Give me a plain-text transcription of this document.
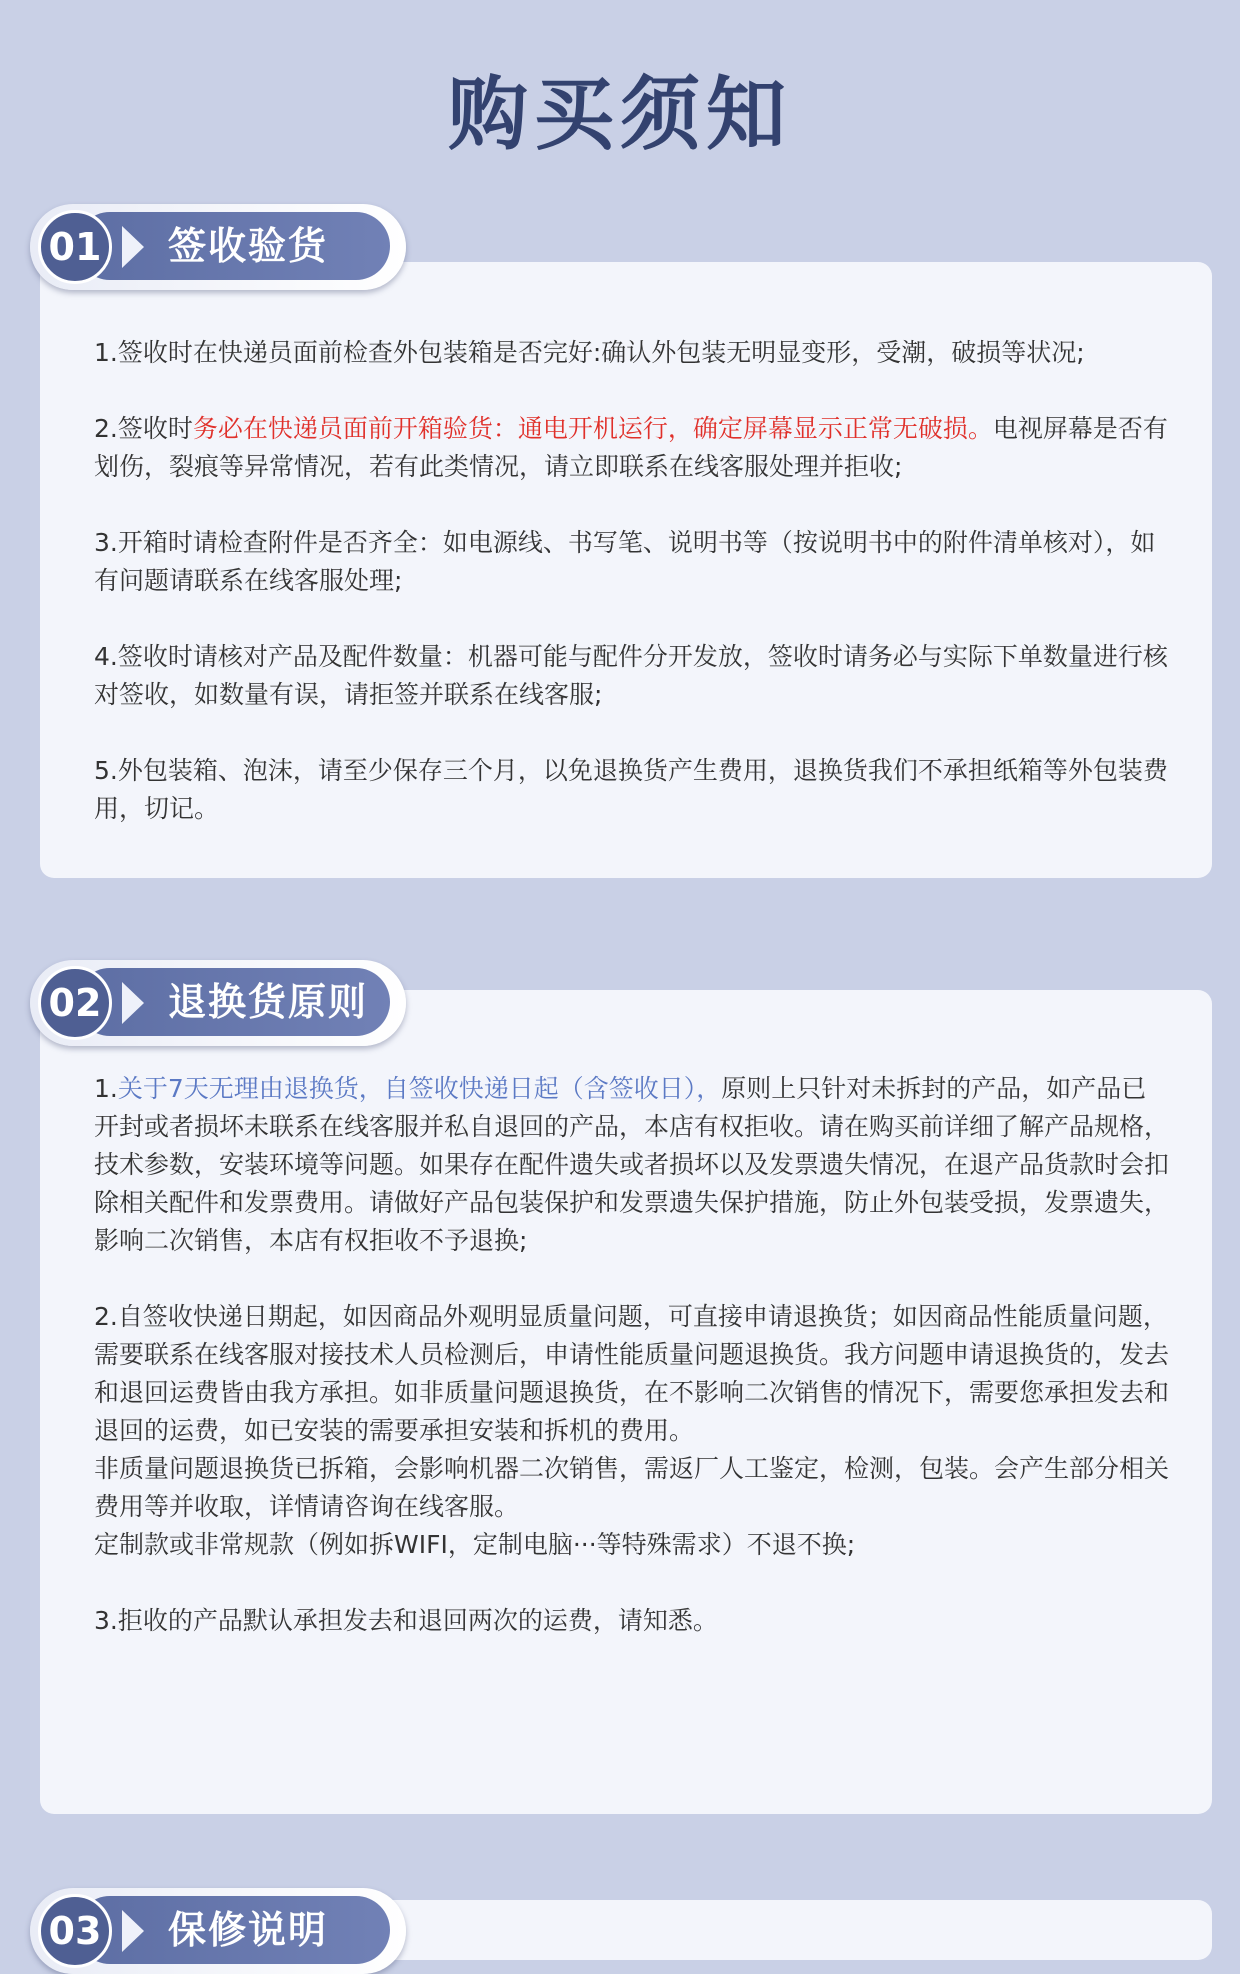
购买须知

1.签收时在快递员面前检查外包装箱是否完好:确认外包装无明显变形，受潮，破损等状况;

2.签收时务必在快递员面前开箱验货：通电开机运行，确定屏幕显示正常无破损。电视屏幕是否有划伤，裂痕等异常情况，若有此类情况，请立即联系在线客服处理并拒收;

3.开箱时请检查附件是否齐全：如电源线、书写笔、说明书等（按说明书中的附件清单核对），如有问题请联系在线客服处理;

4.签收时请核对产品及配件数量：机器可能与配件分开发放，签收时请务必与实际下单数量进行核对签收，如数量有误，请拒签并联系在线客服;

5.外包装箱、泡沫，请至少保存三个月，以免退换货产生费用，退换货我们不承担纸箱等外包装费用，切记。

01 签收验货

1.关于7天无理由退换货，自签收快递日起（含签收日），原则上只针对未拆封的产品，如产品已开封或者损坏未联系在线客服并私自退回的产品，本店有权拒收。请在购买前详细了解产品规格，技术参数，安装环境等问题。如果存在配件遗失或者损坏以及发票遗失情况，在退产品货款时会扣除相关配件和发票费用。请做好产品包装保护和发票遗失保护措施，防止外包装受损，发票遗失，影响二次销售，本店有权拒收不予退换;

2.自签收快递日期起，如因商品外观明显质量问题，可直接申请退换货；如因商品性能质量问题，需要联系在线客服对接技术人员检测后，申请性能质量问题退换货。我方问题申请退换货的，发去和退回运费皆由我方承担。如非质量问题退换货，在不影响二次销售的情况下，需要您承担发去和退回的运费，如已安装的需要承担安装和拆机的费用。

非质量问题退换货已拆箱，会影响机器二次销售，需返厂人工鉴定，检测，包装。会产生部分相关费用等并收取，详情请咨询在线客服。

定制款或非常规款（例如拆WIFI，定制电脑···等特殊需求）不退不换;

3.拒收的产品默认承担发去和退回两次的运费，请知悉。

02 退换货原则
03 保修说明
